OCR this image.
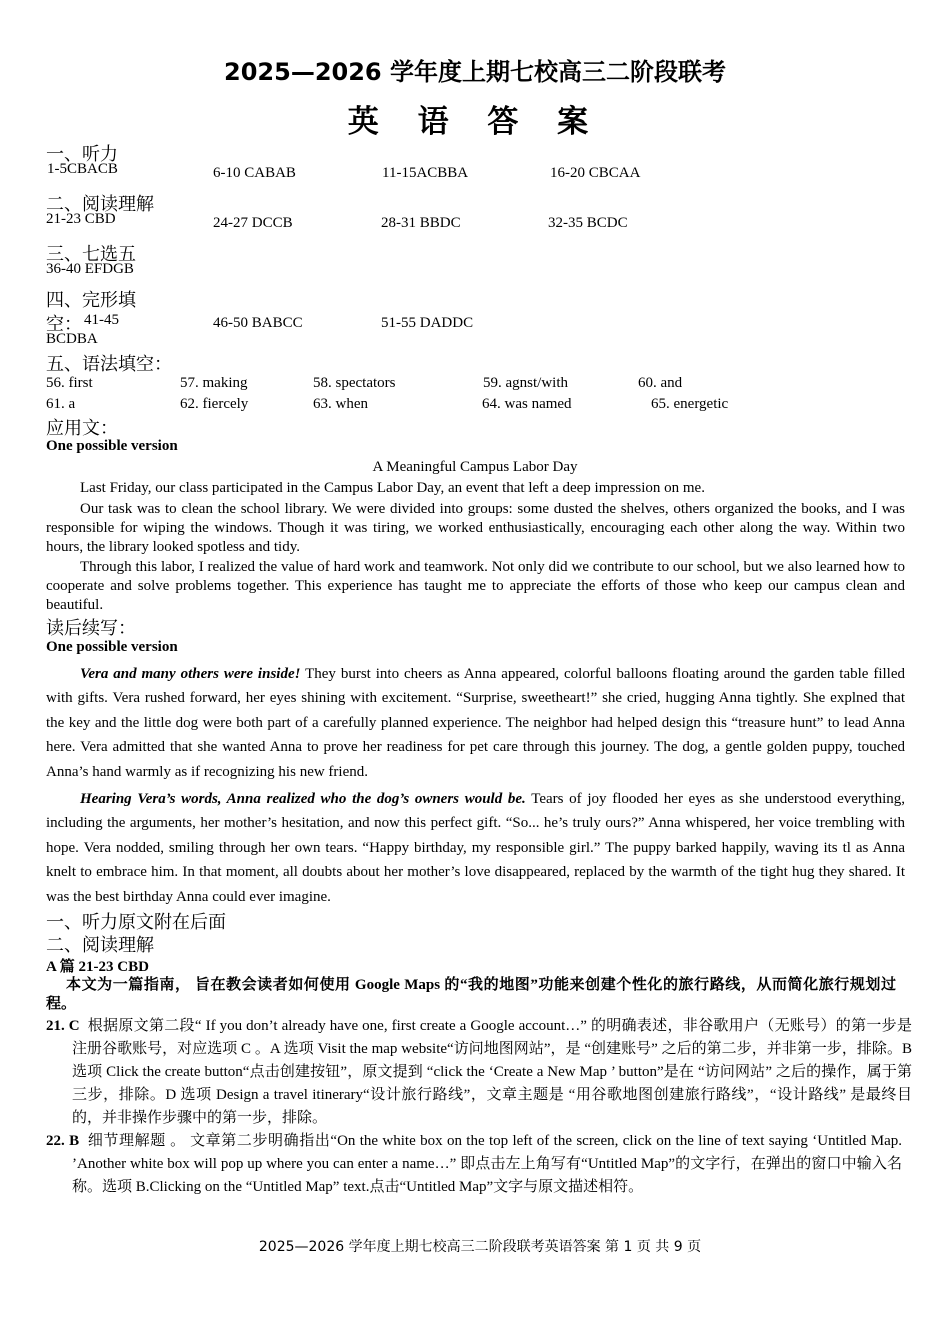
2025—2026 学年度上期七校高三二阶段联考
英 语 答 案
一、听力
1-5CBACB	6-10 CABAB	11-15ACBBA	16-20 CBCAA
二、阅读理解
21-23 CBD	24-27 DCCB	28-31 BBDC	32-35 BCDC
三、七选五
36-40 EFDGB
四、完形填
空： 41-45
BCDBA
46-50 BABCC	51-55 DADDC
五、语法填空：
56. first	57. making	58. spectators	59. agnst/with	60. and
61. a	62. fiercely	63. when	64. was named	65. energetic
应用文：
One possible version
A Meaningful Campus Labor Day
Last Friday, our class participated in the Campus Labor Day, an event that left a deep impression on me.
Our task was to clean the school library. We were divided into groups: some dusted the shelves, others organized the books, and I was responsible for wiping the windows. Though it was tiring, we worked enthusiastically, encouraging each other along the way. Within two hours, the library looked spotless and tidy.
Through this labor, I realized the value of hard work and teamwork. Not only did we contribute to our school, but we also learned how to cooperate and solve problems together. This experience has taught me to appreciate the efforts of those who keep our campus clean and beautiful.
读后续写：
One possible version
Vera and many others were inside! They burst into cheers as Anna appeared, colorful balloons floating around the garden table filled with gifts. Vera rushed forward, her eyes shining with excitement. “Surprise, sweetheart!” she cried, hugging Anna tightly. She explned that the key and the little dog were both part of a carefully planned experience. The neighbor had helped design this “treasure hunt” to lead Anna here. Vera admitted that she wanted Anna to prove her readiness for pet care through this journey. The dog, a gentle golden puppy, touched Anna’s hand warmly as if recognizing his new friend.
Hearing Vera’s words, Anna realized who the dog’s owners would be. Tears of joy flooded her eyes as she understood everything, including the arguments, her mother’s hesitation, and now this perfect gift. “So... he’s truly ours?” Anna whispered, her voice trembling with hope. Vera nodded, smiling through her own tears. “Happy birthday, my responsible girl.” The puppy barked happily, waving its tl as Anna knelt to embrace him. In that moment, all doubts about her mother’s love disappeared, replaced by the warmth of the tight hug they shared. It was the best birthday Anna could ever imagine.
一、听力原文附在后面
二、阅读理解
A 篇 21-23 CBD
本文为一篇指南， 旨在教会读者如何使用 Google Maps 的“我的地图”功能来创建个性化的旅行路线，从而简化旅行规划过程。
21. C 根据原文第二段“ If you don’t already have one, first create a Google account…” 的明确表述，非谷歌用户（无账号）的第一步是注册谷歌账号，对应选项 C 。A 选项 Visit the map website“访问地图网站”，是 “创建账号” 之后的第二步，并非第一步，排除。B 选项 Click the create button“点击创建按钮”，原文提到 “click the ‘Create a New Map ’ button”是在 “访问网站” 之后的操作，属于第三步，排除。D 选项 Design a travel itinerary“设计旅行路线”，文章主题是 “用谷歌地图创建旅行路线”，“设计路线” 是最终目的，并非操作步骤中的第一步，排除。
22. B 细节理解题 。 文章第二步明确指出“On the white box on the top left of the screen, click on the line of text saying ‘Untitled Map. ’Another white box will pop up where you can enter a name…” 即点击左上角写有“Untitled Map”的文字行，在弹出的窗口中输入名称。选项 B.Clicking on the “Untitled Map” text.点击“Untitled Map”文字与原文描述相符。
2025—2026 学年度上期七校高三二阶段联考英语答案 第 1 页 共 9 页
